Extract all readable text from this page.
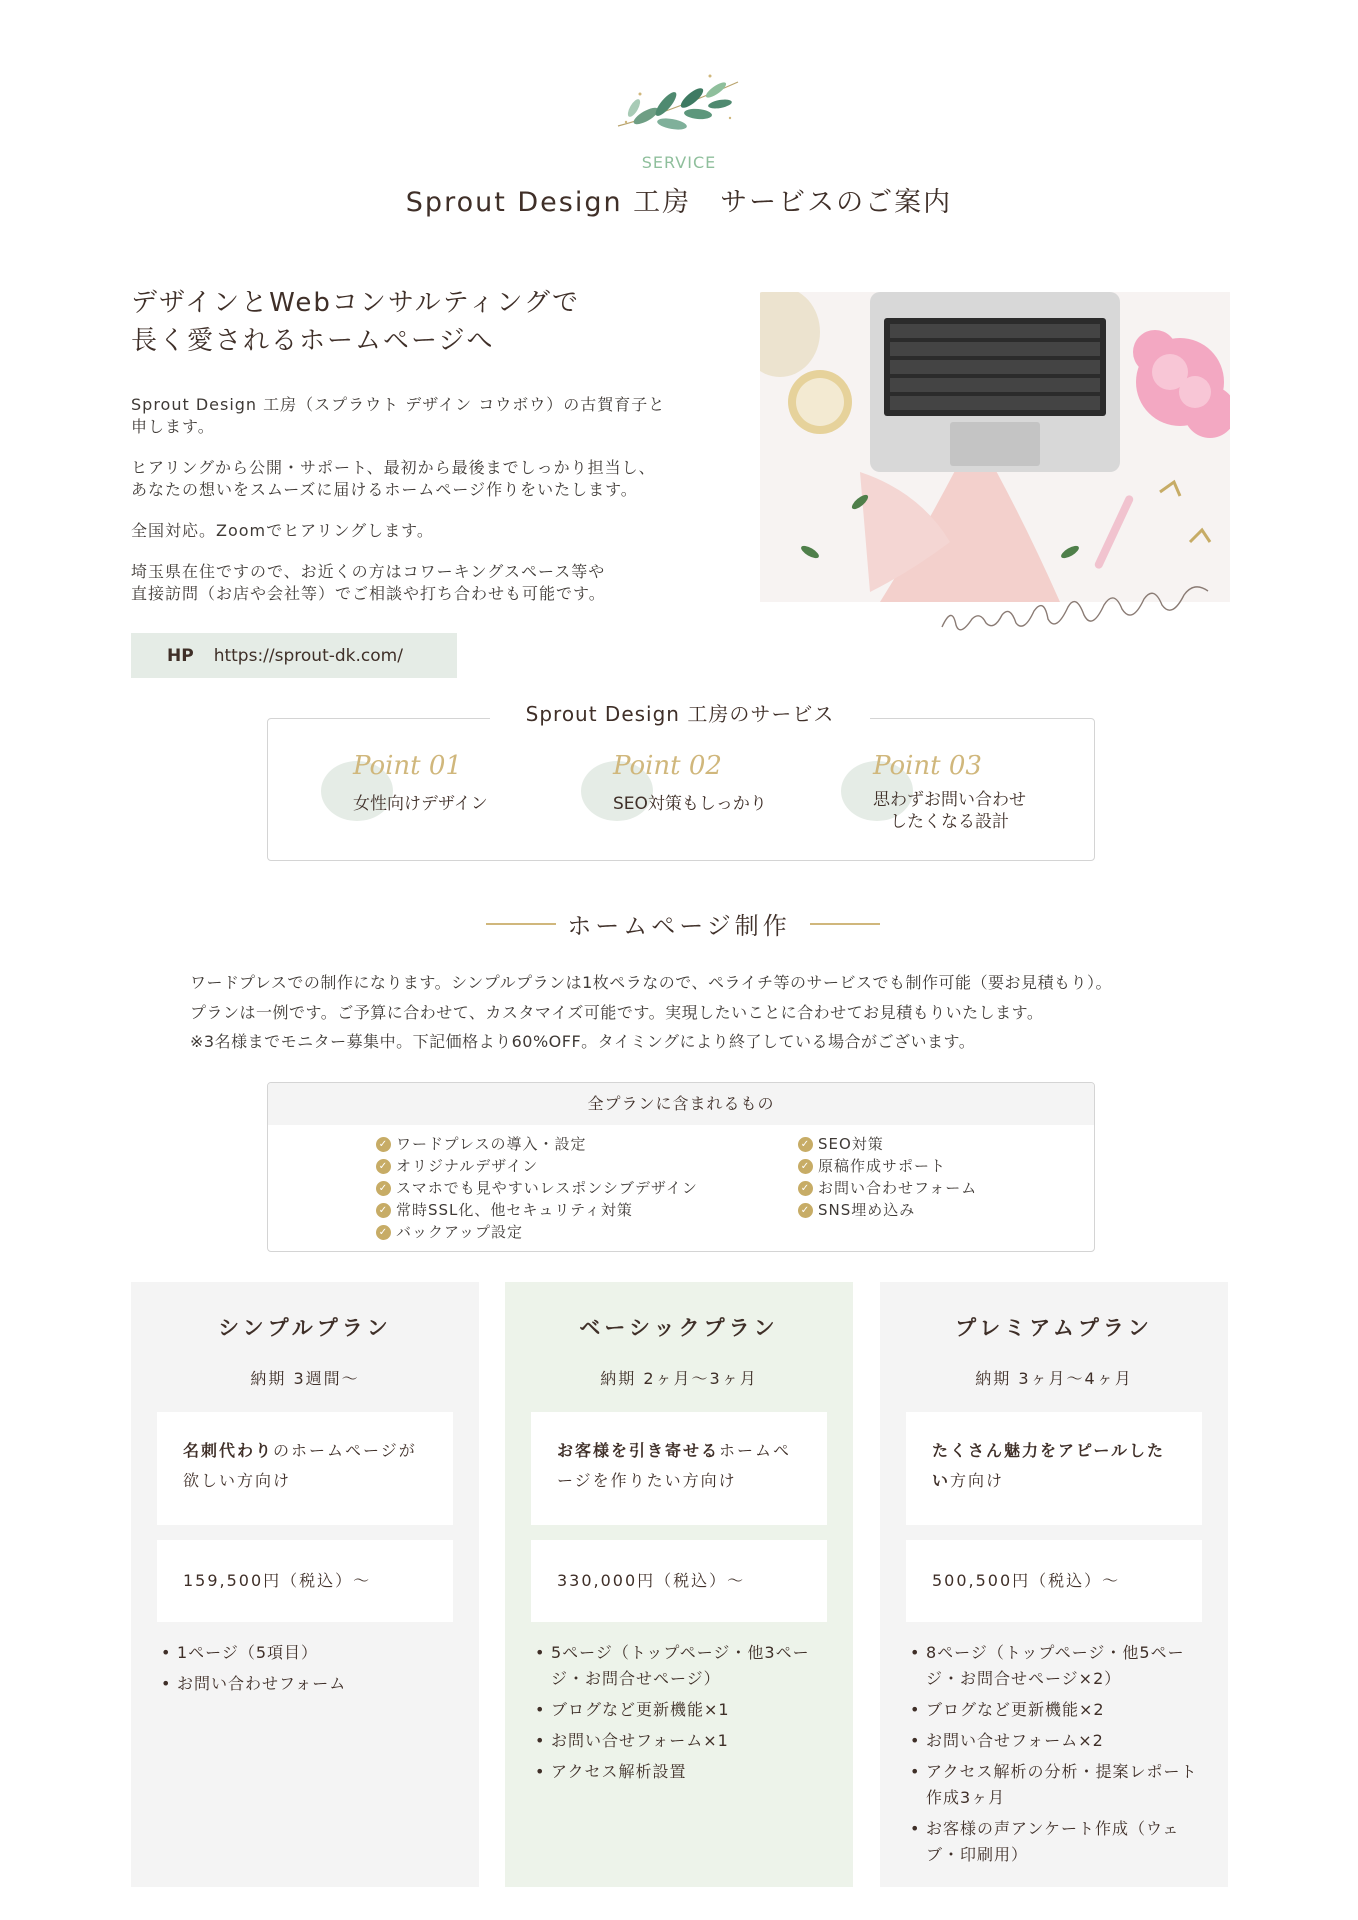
SERVICE
Sprout Design 工房　サービスのご案内
デザインとWebコンサルティングで
長く愛されるホームページへ
Sprout Design 工房（スプラウト デザイン コウボウ）の古賀育子と
申します。
ヒアリングから公開・サポート、最初から最後までしっかり担当し、
あなたの想いをスムーズに届けるホームページ作りをいたします。
全国対応。Zoomでヒアリングします。
埼玉県在住ですので、お近くの方はコワーキングスペース等や
直接訪問（お店や会社等）でご相談や打ち合わせも可能です。
HP https://sprout-dk.com/
Point 01
女性向けデザイン
Point 02
SEO対策もしっかり
Point 03
思わずお問い合わせ
したくなる設計
Sprout Design 工房のサービス
ホームページ制作
ワードプレスでの制作になります。シンプルプランは1枚ペラなので、ペライチ等のサービスでも制作可能（要お見積もり）。
プランは一例です。ご予算に合わせて、カスタマイズ可能です。実現したいことに合わせてお見積もりいたします。
※3名様までモニター募集中。下記価格より60%OFF。タイミングにより終了している場合がございます。
全プランに含まれるもの
✓ ワードプレスの導入・設定
✓ オリジナルデザイン
✓ スマホでも見やすいレスポンシブデザイン
✓ 常時SSL化、他セキュリティ対策
✓ バックアップ設定
✓ SEO対策
✓ 原稿作成サポート
✓ お問い合わせフォーム
✓ SNS埋め込み
シンプルプラン
納期 3週間〜
名刺代わりのホームページが欲しい方向け
159,500円（税込）〜
• 1ページ（5項目）
• お問い合わせフォーム
ベーシックプラン
納期 2ヶ月〜3ヶ月
お客様を引き寄せるホームページを作りたい方向け
330,000円（税込）〜
• 5ページ（トップページ・他3ページ・お問合せページ）
• ブログなど更新機能×1
• お問い合せフォーム×1
• アクセス解析設置
プレミアムプラン
納期 3ヶ月〜4ヶ月
たくさん魅力をアピールしたい方向け
500,500円（税込）〜
• 8ページ（トップページ・他5ページ・お問合せページ×2）
• ブログなど更新機能×2
• お問い合せフォーム×2
• アクセス解析の分析・提案レポート作成3ヶ月
• お客様の声アンケート作成（ウェブ・印刷用）
